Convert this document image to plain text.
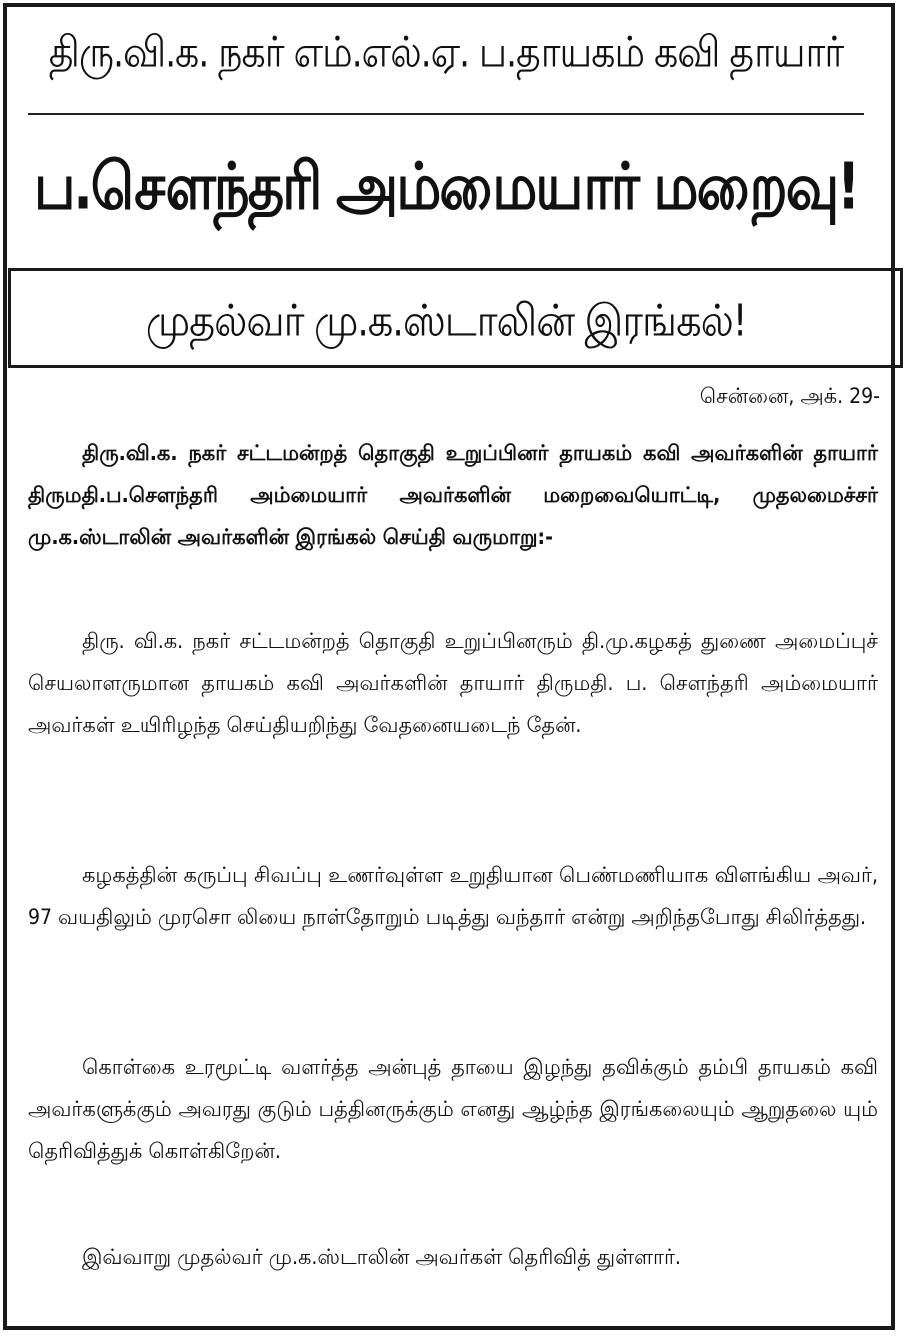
திரு.வி.க. நகர் எம்.எல்.ஏ. ப.தாயகம் கவி தாயார்
ப.சௌந்தரி அம்மையார் மறைவு!
முதல்வர் மு.க.ஸ்டாலின் இரங்கல்!
சென்னை, அக். 29-
திரு.வி.க. நகர் சட்டமன்றத் தொகுதி உறுப்பினர் தாயகம் கவி அவர்களின் தாயார் திருமதி.ப.சௌந்தரி அம்மையார் அவர்களின் மறைவையொட்டி, முதலமைச்சர் மு.க.ஸ்டாலின் அவர்களின் இரங்கல் செய்தி வருமாறு:-
திரு. வி.க. நகர் சட்டமன்றத் தொகுதி உறுப்பினரும் தி.மு.கழகத் துணை அமைப்புச் செயலாளருமான தாயகம் கவி அவர்களின் தாயார் திருமதி. ப. சௌந்தரி அம்மையார் அவர்கள் உயிரிழந்த செய்தியறிந்து வேதனையடைந் தேன்.
கழகத்தின் கருப்பு சிவப்பு உணர்வுள்ள உறுதியான பெண்மணியாக விளங்கிய அவர், 97 வயதிலும் முரசொ லியை நாள்தோறும் படித்து வந்தார் என்று அறிந்தபோது சிலிர்த்தது.
கொள்கை உரமூட்டி வளர்த்த அன்புத் தாயை இழந்து தவிக்கும் தம்பி தாயகம் கவி அவர்களுக்கும் அவரது குடும் பத்தினருக்கும் எனது ஆழ்ந்த இரங்கலையும் ஆறுதலை யும் தெரிவித்துக் கொள்கிறேன்.
இவ்வாறு முதல்வர் மு.க.ஸ்டாலின் அவர்கள் தெரிவித் துள்ளார்.
